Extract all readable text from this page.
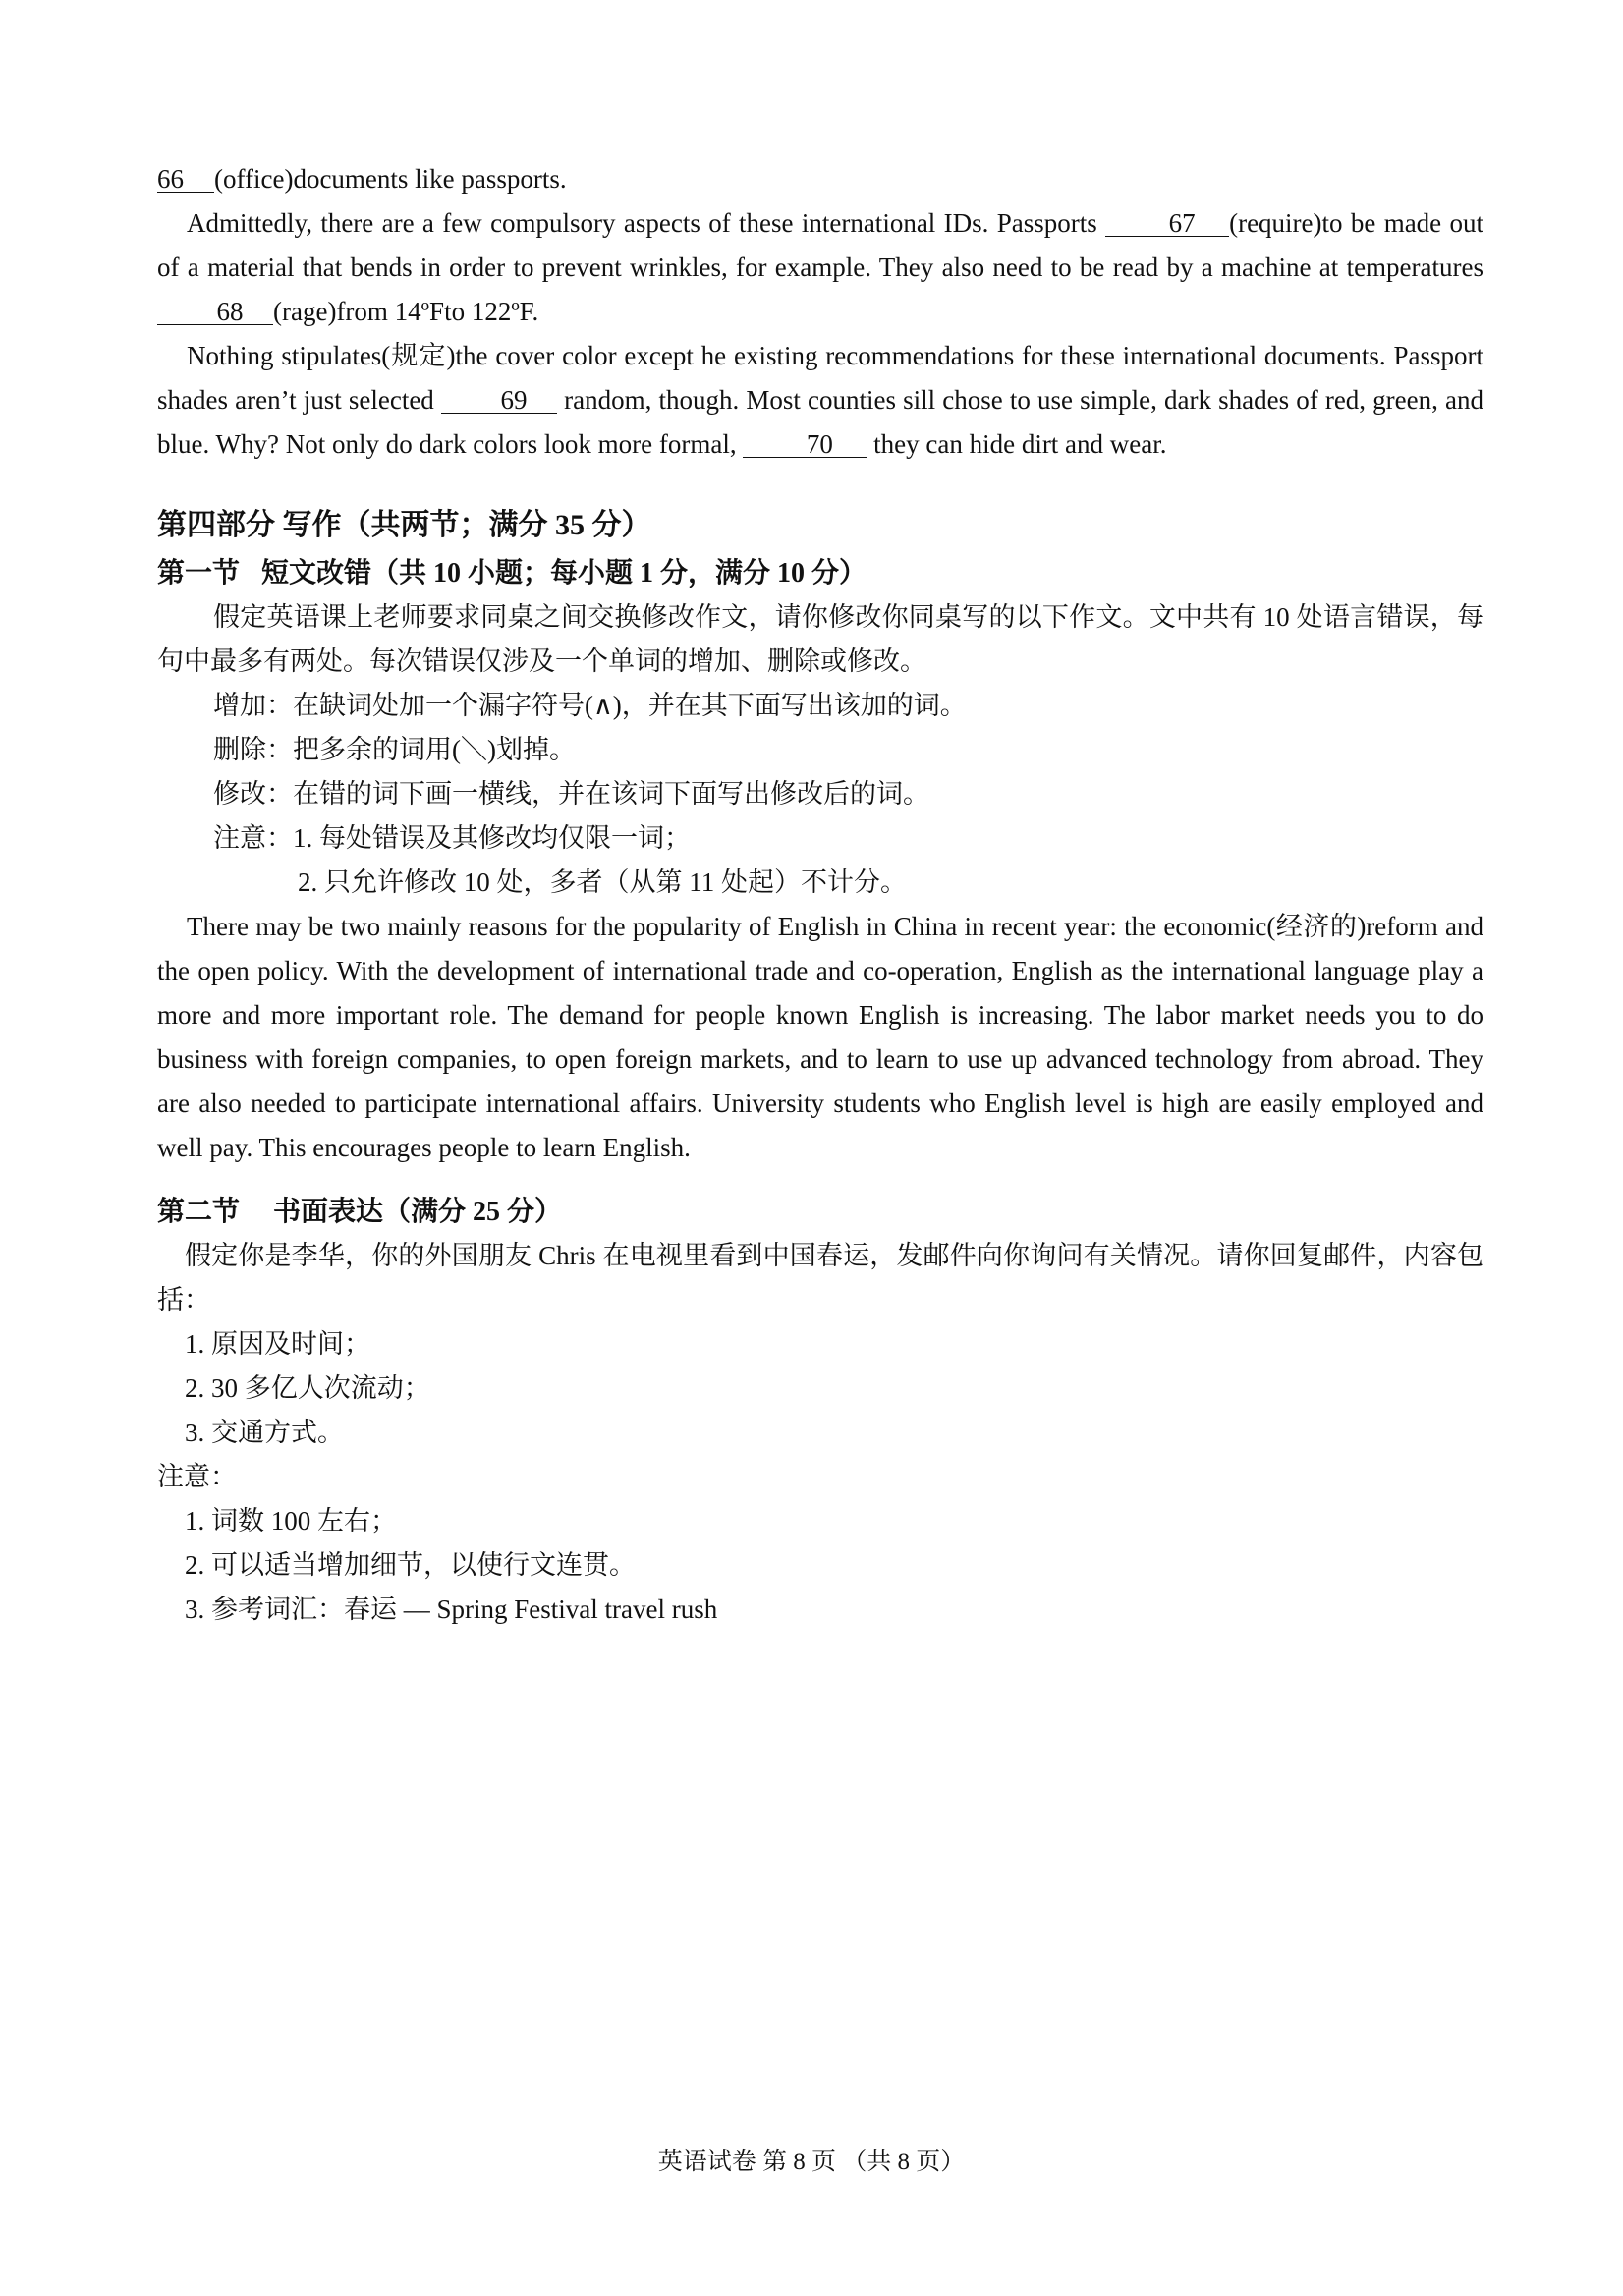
66 (office)documents like passports.

Admittedly, there are a few compulsory aspects of these international IDs. Passports	67 (require)to be made out of a material that bends in order to prevent wrinkles, for example. They also need to be read by a machine at temperatures 68 (rage)from 14ºFto 122ºF.

Nothing stipulates(规定)the cover color except he existing recommendations for these international documents. Passport shades aren’t just selected	69 random, though. Most counties sill chose to use simple, dark shades of red, green, and blue. Why? Not only do dark colors look more formal,	70 they can hide dirt and wear.

第四部分 写作（共两节；满分 35 分）
第一节 短文改错（共 10 小题；每小题 1 分，满分 10 分）

假定英语课上老师要求同桌之间交换修改作文，请你修改你同桌写的以下作文。文中共有 10 处语言错误，每句中最多有两处。每次错误仅涉及一个单词的增加、删除或修改。

增加：在缺词处加一个漏字符号(∧)，并在其下面写出该加的词。
删除：把多余的词用(＼)划掉。
修改：在错的词下画一横线，并在该词下面写出修改后的词。
注意：1. 每处错误及其修改均仅限一词；
2. 只允许修改 10 处，多者（从第 11 处起）不计分。

There may be two mainly reasons for the popularity of English in China in recent year: the economic(经济的)reform and the open policy. With the development of international trade and co-operation, English as the international language play a more and more important role. The demand for people known English is increasing. The labor market needs you to do business with foreign companies, to open foreign markets, and to learn to use up advanced technology from abroad. They are also needed to participate international affairs. University students who English level is high are easily employed and well pay. This encourages people to learn English.

第二节 书面表达（满分 25 分）

假定你是李华，你的外国朋友 Chris 在电视里看到中国春运，发邮件向你询问有关情况。请你回复邮件，内容包括：

1. 原因及时间；
2. 30 多亿人次流动；
3. 交通方式。
注意：
1. 词数 100 左右；
2. 可以适当增加细节，以使行文连贯。
3. 参考词汇：春运 — Spring Festival travel rush
英语试卷 第 8 页 （共 8 页）
